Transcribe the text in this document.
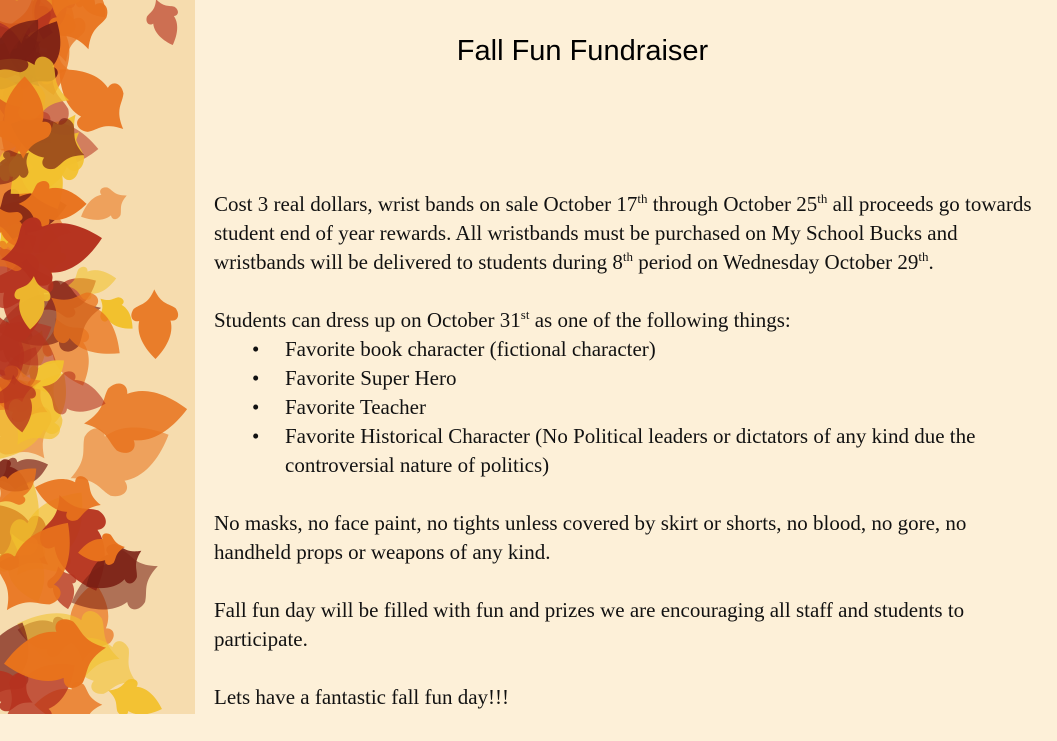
Fall Fun Fundraiser

Cost 3 real dollars, wrist bands on sale October 17th through October 25th all proceeds go towards student end of year rewards. All wristbands must be purchased on My School Bucks and wristbands will be delivered to students during 8th period on Wednesday October 29th.

Students can dress up on October 31st as one of the following things:

• Favorite book character (fictional character)
• Favorite Super Hero
• Favorite Teacher
• Favorite Historical Character (No Political leaders or dictators of any kind due the controversial nature of politics)

No masks, no face paint, no tights unless covered by skirt or shorts, no blood, no gore, no handheld props or weapons of any kind.

Fall fun day will be filled with fun and prizes we are encouraging all staff and students to participate.

Lets have a fantastic fall fun day!!!
